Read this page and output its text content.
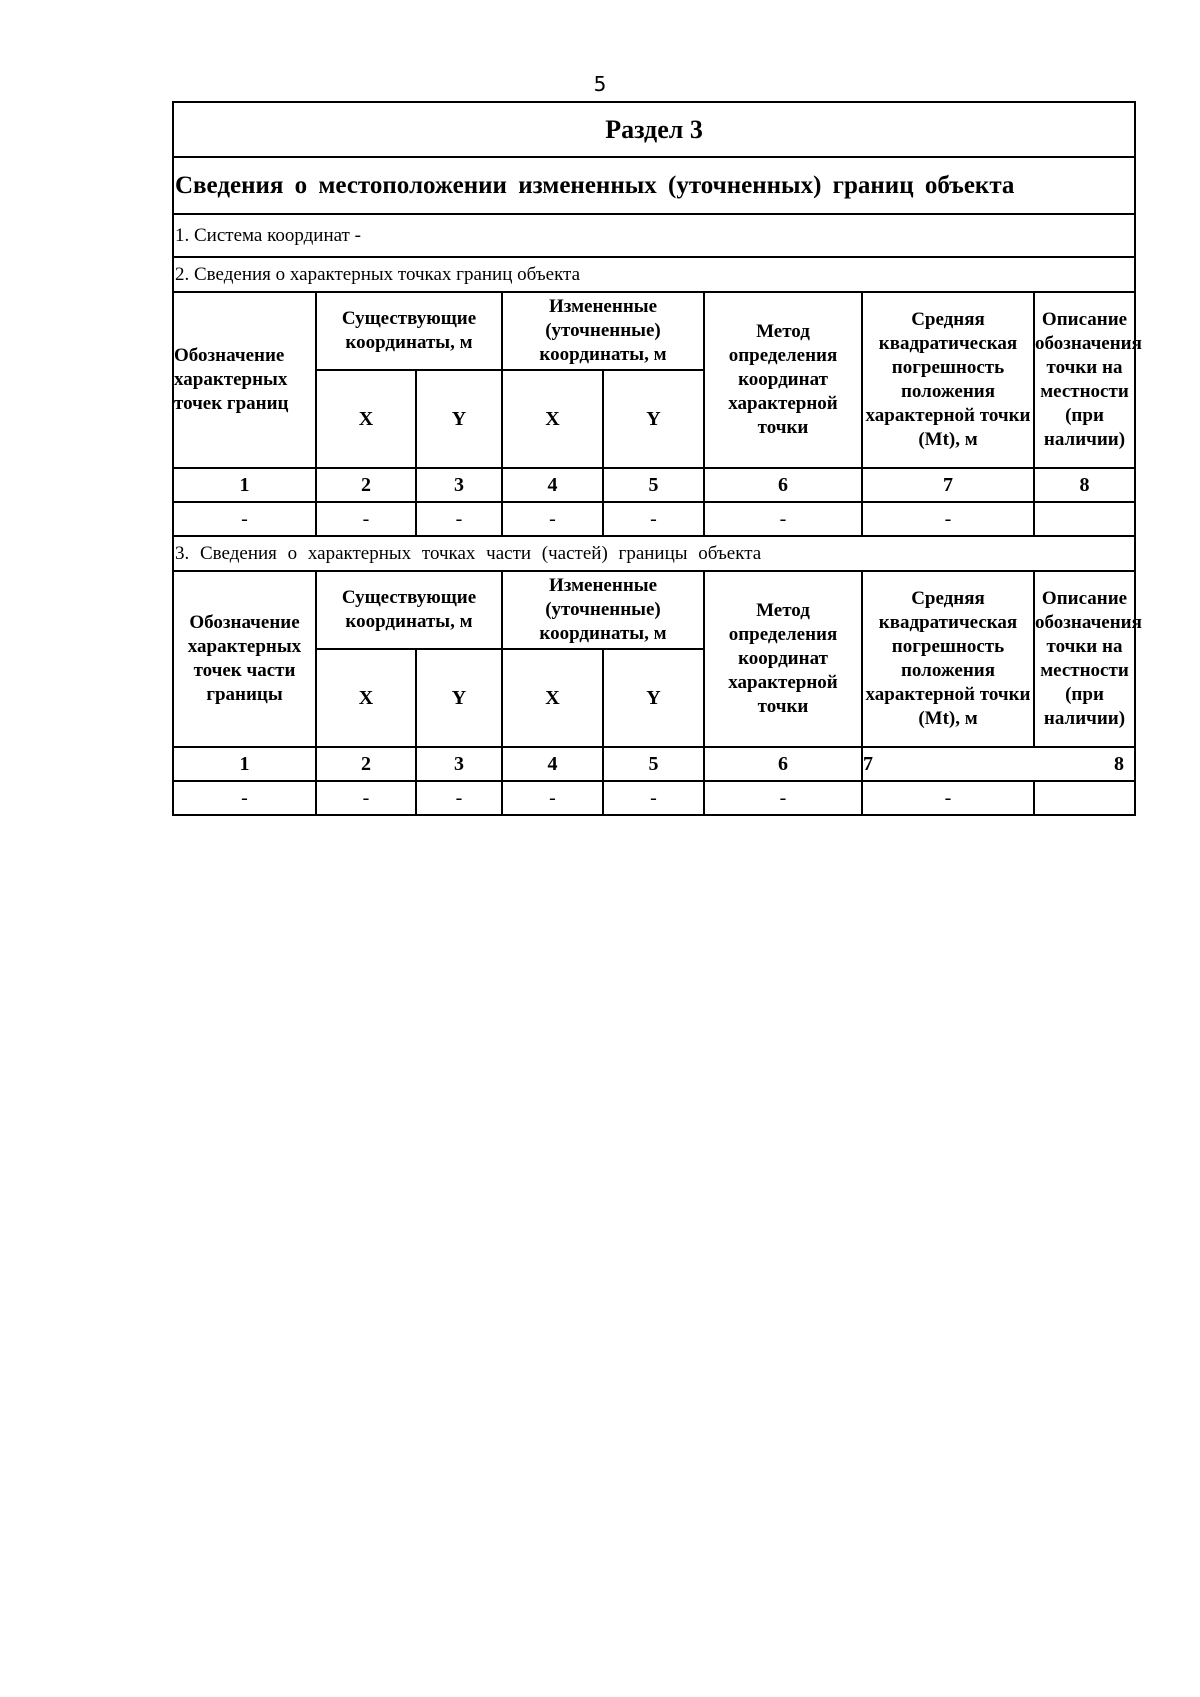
5
Раздел 3							
Сведения о местоположении измененных (уточненных) границ объекта							
1. Система координат -							
2. Сведения о характерных точках границ объекта							
Обозначение характерных точек границ	Существующие координаты, м		Измененные (уточненные) координаты, м		Метод определения координат характерной точки	Средняя квадратическая погрешность положения характерной точки (Mt), м	Описание обозначения точки на местности (при наличии)
	X	Y	X	Y			
1	2	3	4	5	6	7	8
-	-	-	-	-	-	-	
3. Сведения о характерных точках части (частей) границы объекта							
Обозначение характерных точек части границы	Существующие координаты, м		Измененные (уточненные) координаты, м		Метод определения координат характерной точки	Средняя квадратическая погрешность положения характерной точки (Mt), м	Описание обозначения точки на местности (при наличии)
	X	Y	X	Y			
1	2	3	4	5	6	7 8	

-	-	-	-	-	-	-	
